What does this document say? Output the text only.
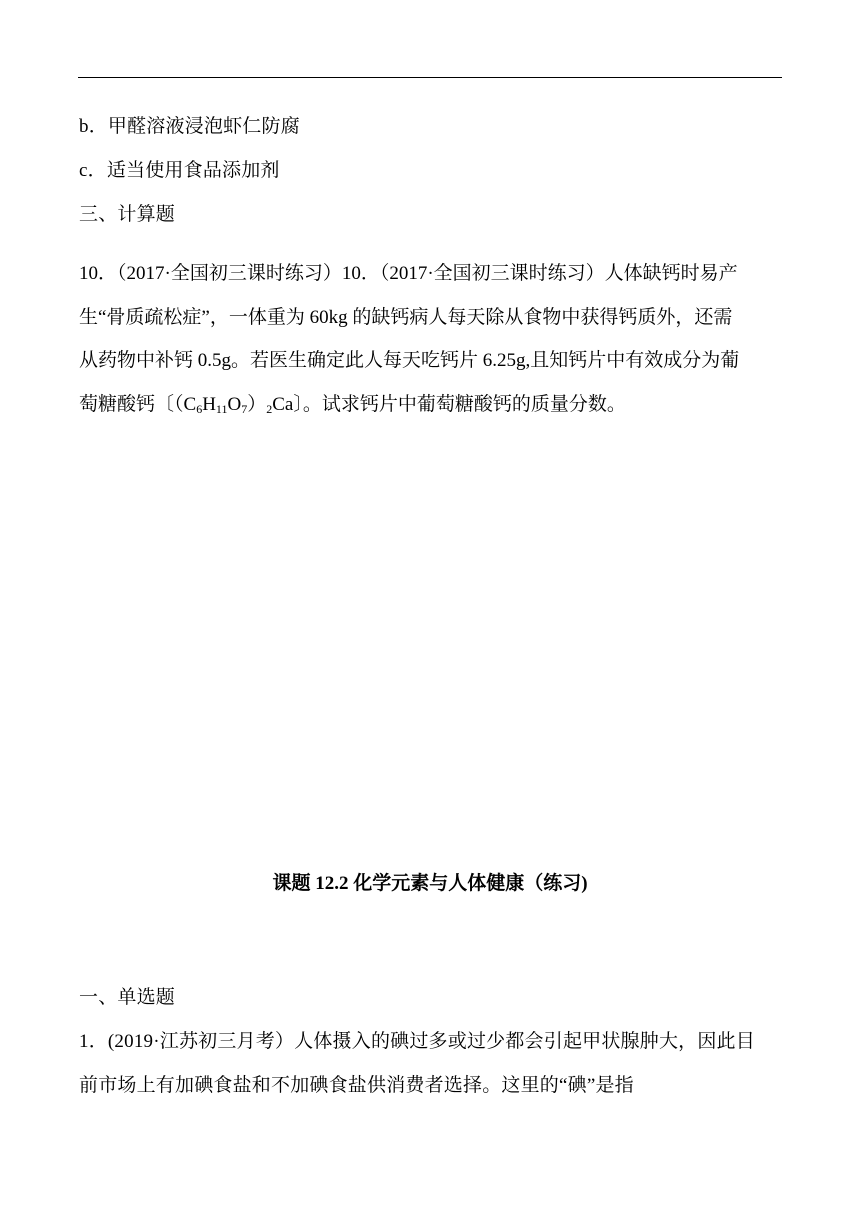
b．甲醛溶液浸泡虾仁防腐
c．适当使用食品添加剂
三、计算题
10．（2017·全国初三课时练习）10．（2017·全国初三课时练习）人体缺钙时易产
生“骨质疏松症”，一体重为 60kg 的缺钙病人每天除从食物中获得钙质外，还需
从药物中补钙 0.5g。若医生确定此人每天吃钙片 6.25g,且知钙片中有效成分为葡
萄糖酸钙〔$(C_6H_{11}O_7)_2Ca$〕。试求钙片中葡萄糖酸钙的质量分数。
课题 12.2 化学元素与人体健康（练习)
一、单选题
1．(2019·江苏初三月考）人体摄入的碘过多或过少都会引起甲状腺肿大，因此目
前市场上有加碘食盐和不加碘食盐供消费者选择。这里的“碘”是指
